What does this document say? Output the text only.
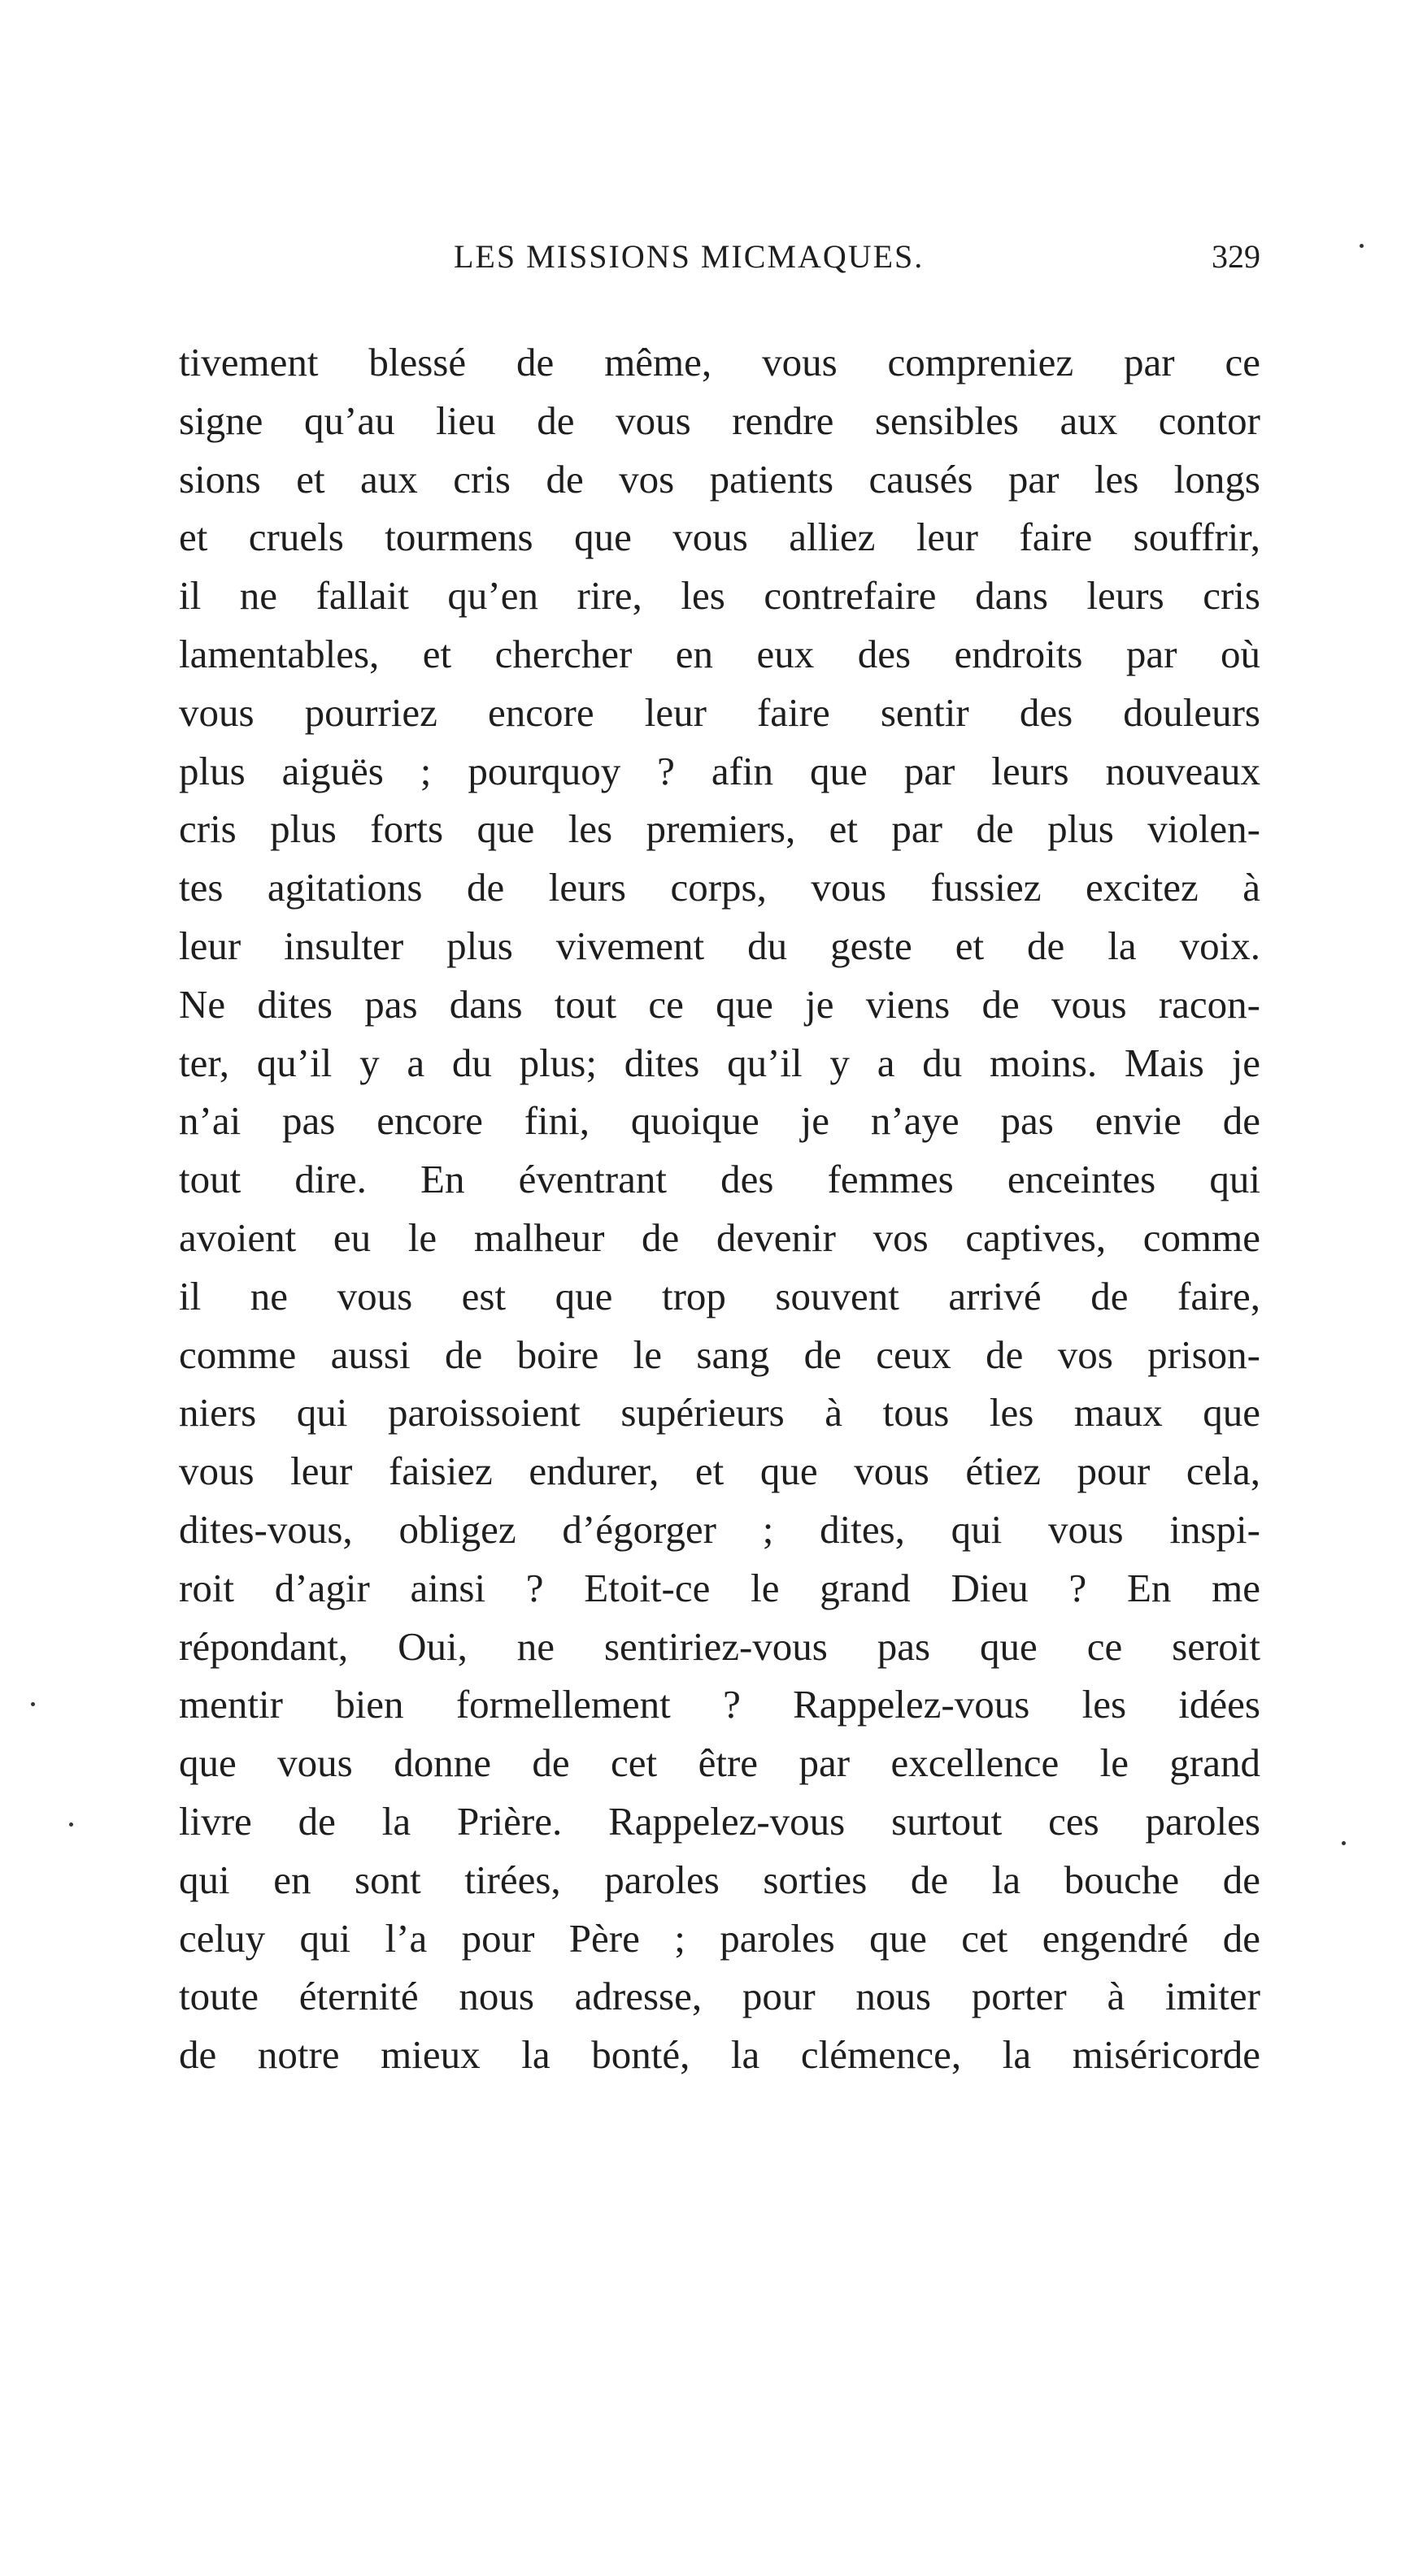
LES MISSIONS MICMAQUES.	329
tivement blessé de même, vous compreniez par ce
signe qu’au lieu de vous rendre sensibles aux contor
sions et aux cris de vos patients causés par les longs
et cruels tourmens que vous alliez leur faire souffrir,
il ne fallait qu’en rire, les contrefaire dans leurs cris
lamentables, et chercher en eux des endroits par où
vous pourriez encore leur faire sentir des douleurs
plus aiguës ; pourquoy ? afin que par leurs nouveaux
cris plus forts que les premiers, et par de plus violen-
tes agitations de leurs corps, vous fussiez excitez à
leur insulter plus vivement du geste et de la voix.
Ne dites pas dans tout ce que je viens de vous racon-
ter, qu’il y a du plus; dites qu’il y a du moins. Mais je
n’ai pas encore fini, quoique je n’aye pas envie de
tout dire. En éventrant des femmes enceintes qui
avoient eu le malheur de devenir vos captives, comme
il ne vous est que trop souvent arrivé de faire,
comme aussi de boire le sang de ceux de vos prison-
niers qui paroissoient supérieurs à tous les maux que
vous leur faisiez endurer, et que vous étiez pour cela,
dites-vous, obligez d’égorger ; dites, qui vous inspi-
roit d’agir ainsi ? Etoit-ce le grand Dieu ? En me
répondant, Oui, ne sentiriez-vous pas que ce seroit
mentir bien formellement ? Rappelez-vous les idées
que vous donne de cet être par excellence le grand
livre de la Prière. Rappelez-vous surtout ces paroles
qui en sont tirées, paroles sorties de la bouche de
celuy qui l’a pour Père ; paroles que cet engendré de
toute éternité nous adresse, pour nous porter à imiter
de notre mieux la bonté, la clémence, la miséricorde
